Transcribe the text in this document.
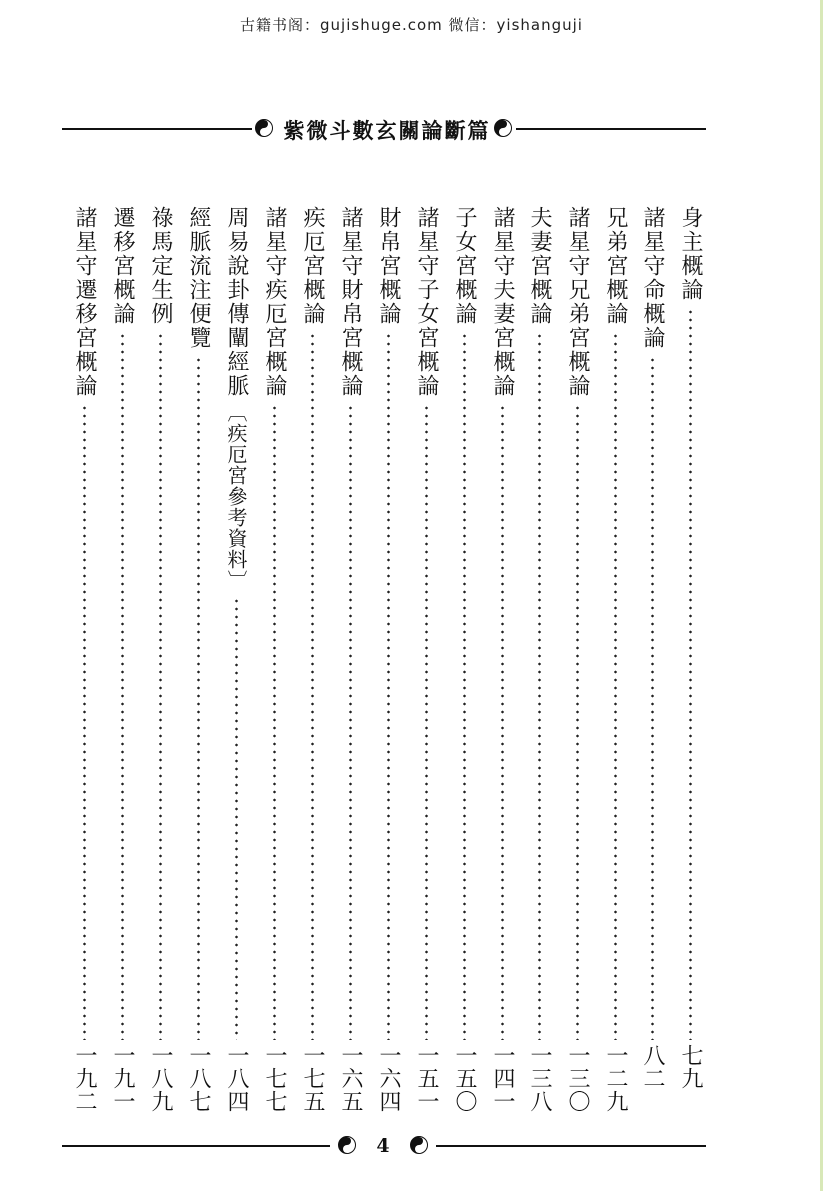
古籍书阁：gujishuge.com 微信：yishanguji
紫微斗數玄關論斷篇
身主概論
七九
諸星守命概論
八二
兄弟宮概論
一二九
諸星守兄弟宮概論
一三〇
夫妻宮概論
一三八
諸星守夫妻宮概論
一四一
子女宮概論
一五〇
諸星守子女宮概論
一五一
財帛宮概論
一六四
諸星守財帛宮概論
一六五
疾厄宮概論
一七五
諸星守疾厄宮概論
一七七
周易說卦傳闡經脈
︹疾厄宮參考資料︺
一八四
經脈流注便覽
一八七
祿馬定生例
一八九
遷移宮概論
一九一
諸星守遷移宮概論
一九二
4
